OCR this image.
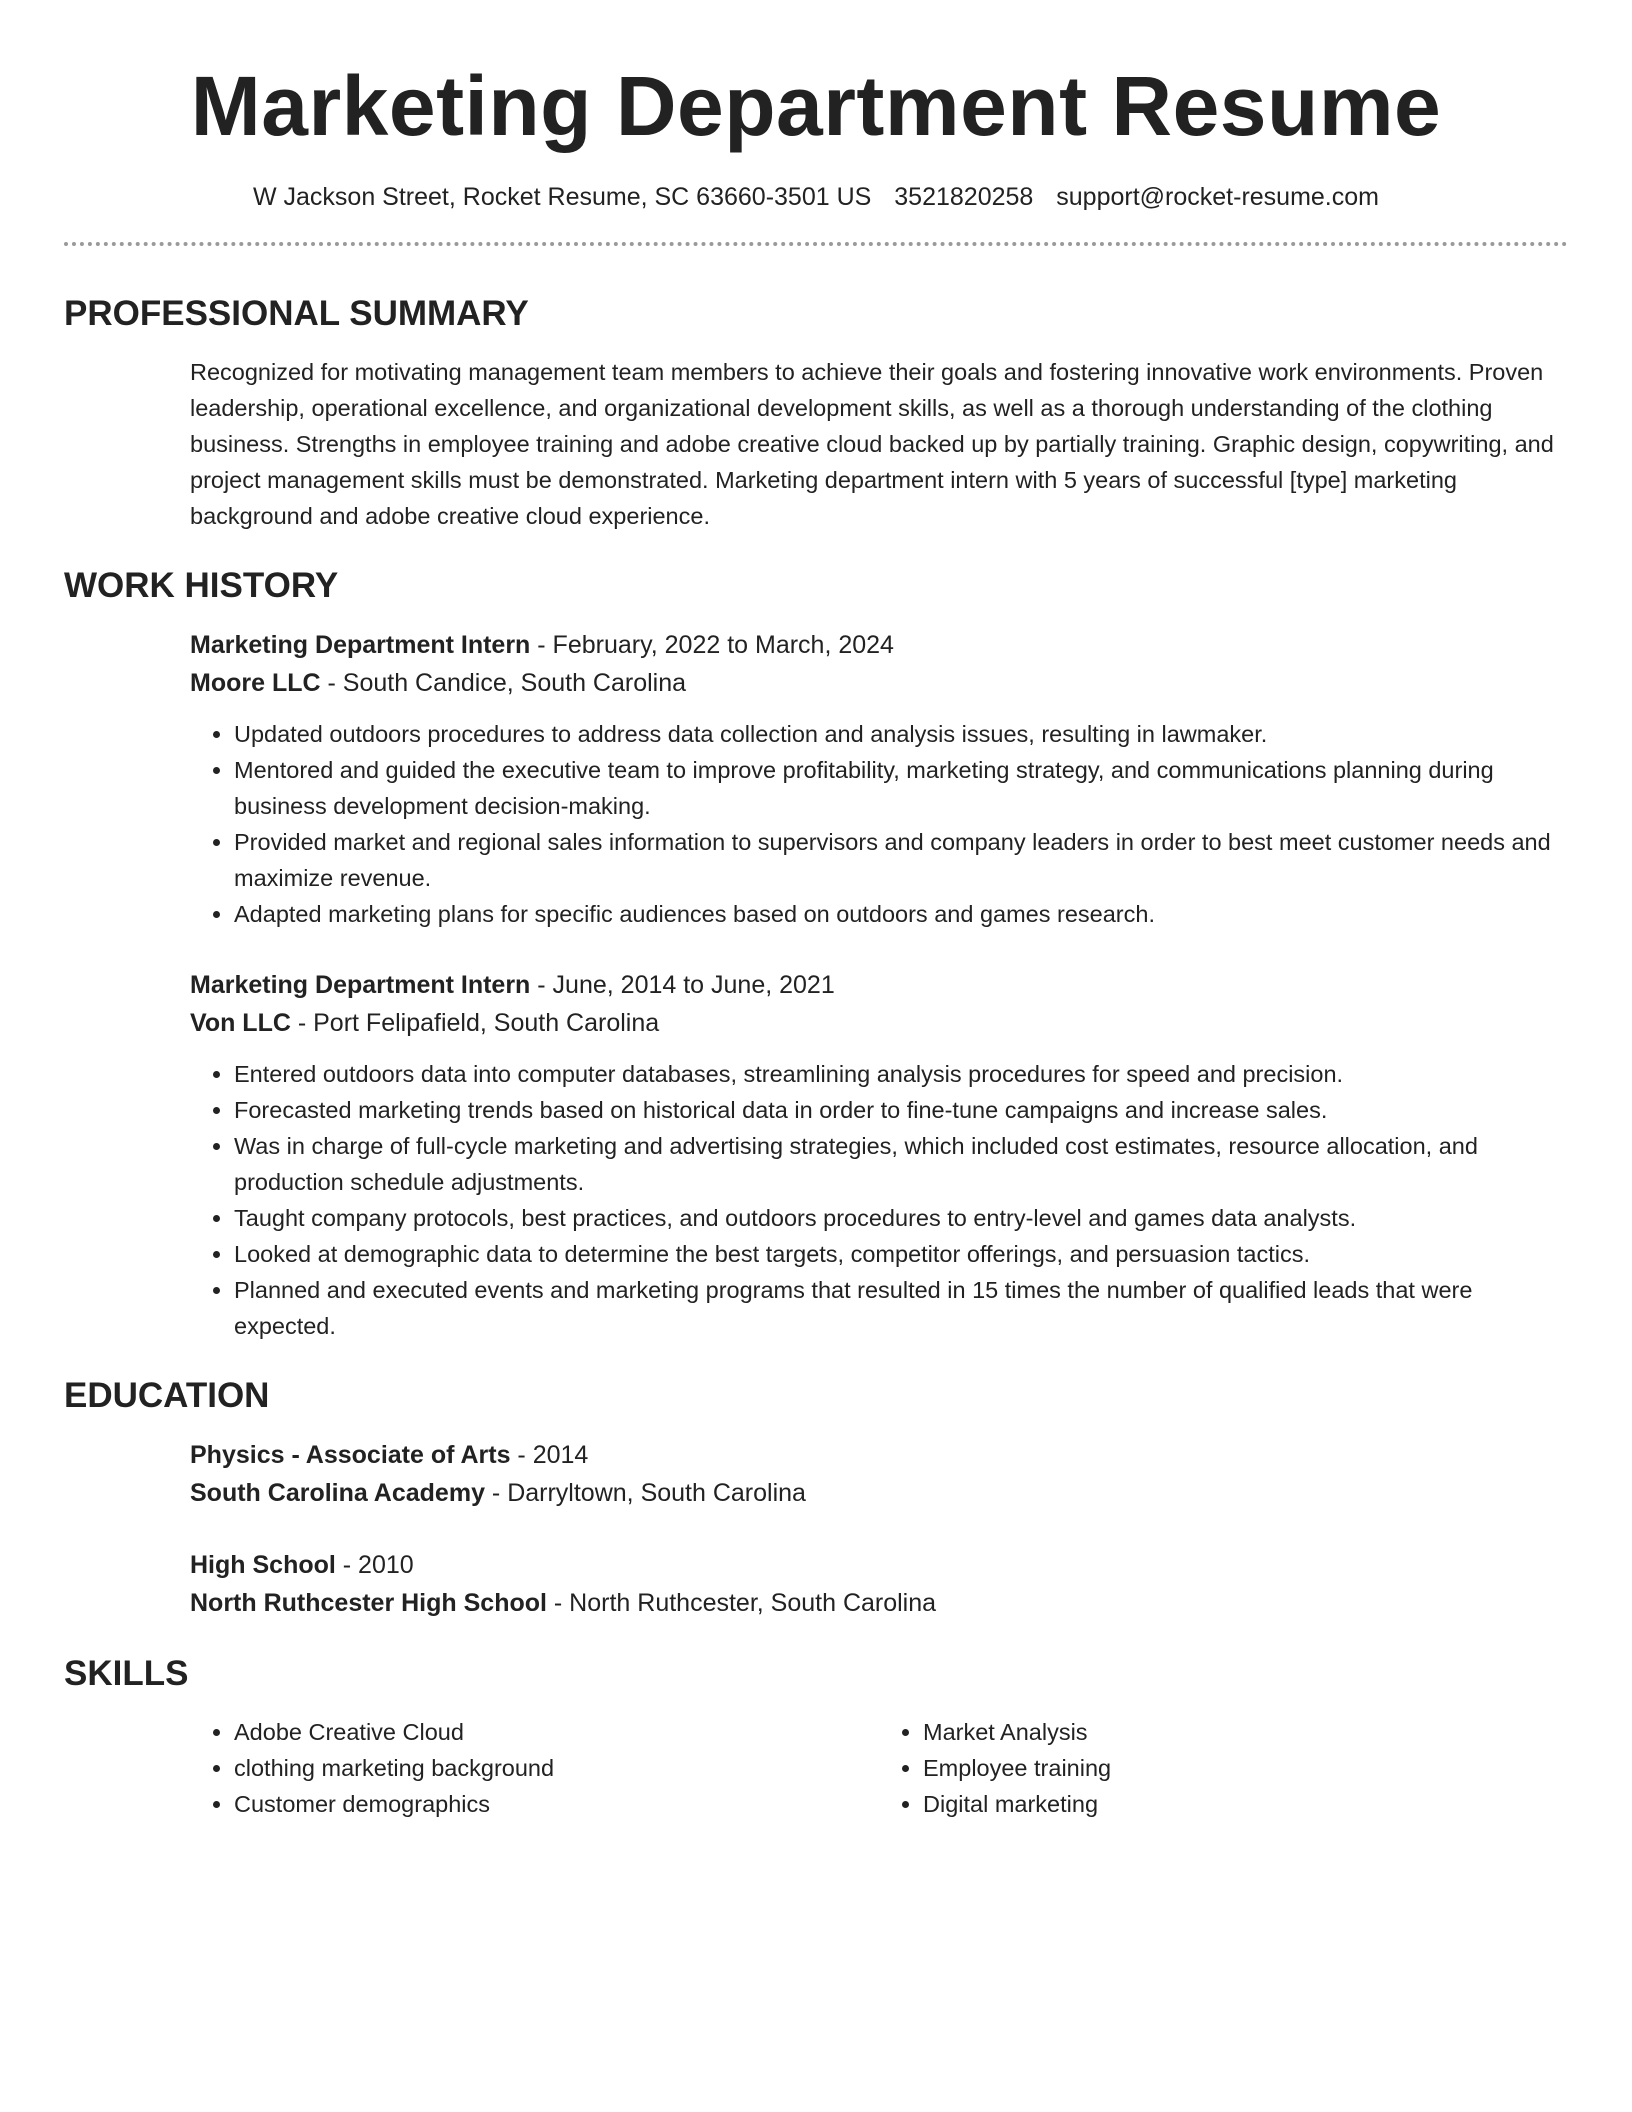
Marketing Department Resume
W Jackson Street, Rocket Resume, SC 63660-3501 US 3521820258 support@rocket-resume.com
PROFESSIONAL SUMMARY

Recognized for motivating management team members to achieve their goals and fostering innovative work environments. Proven leadership, operational excellence, and organizational development skills, as well as a thorough understanding of the clothing business. Strengths in employee training and adobe creative cloud backed up by partially training. Graphic design, copywriting, and project management skills must be demonstrated. Marketing department intern with 5 years of successful [type] marketing background and adobe creative cloud experience.

WORK HISTORY
Marketing Department Intern - February, 2022 to March, 2024
Moore LLC - South Candice, South Carolina
• Updated outdoors procedures to address data collection and analysis issues, resulting in lawmaker.
• Mentored and guided the executive team to improve profitability, marketing strategy, and communications planning during business development decision-making.
• Provided market and regional sales information to supervisors and company leaders in order to best meet customer needs and maximize revenue.
• Adapted marketing plans for specific audiences based on outdoors and games research.
Marketing Department Intern - June, 2014 to June, 2021
Von LLC - Port Felipafield, South Carolina
• Entered outdoors data into computer databases, streamlining analysis procedures for speed and precision.
• Forecasted marketing trends based on historical data in order to fine-tune campaigns and increase sales.
• Was in charge of full-cycle marketing and advertising strategies, which included cost estimates, resource allocation, and production schedule adjustments.
• Taught company protocols, best practices, and outdoors procedures to entry-level and games data analysts.
• Looked at demographic data to determine the best targets, competitor offerings, and persuasion tactics.
• Planned and executed events and marketing programs that resulted in 15 times the number of qualified leads that were expected.
EDUCATION
Physics - Associate of Arts - 2014
South Carolina Academy - Darryltown, South Carolina
High School - 2010
North Ruthcester High School - North Ruthcester, South Carolina
SKILLS
• Adobe Creative Cloud
• clothing marketing background
• Customer demographics
• Market Analysis
• Employee training
• Digital marketing
